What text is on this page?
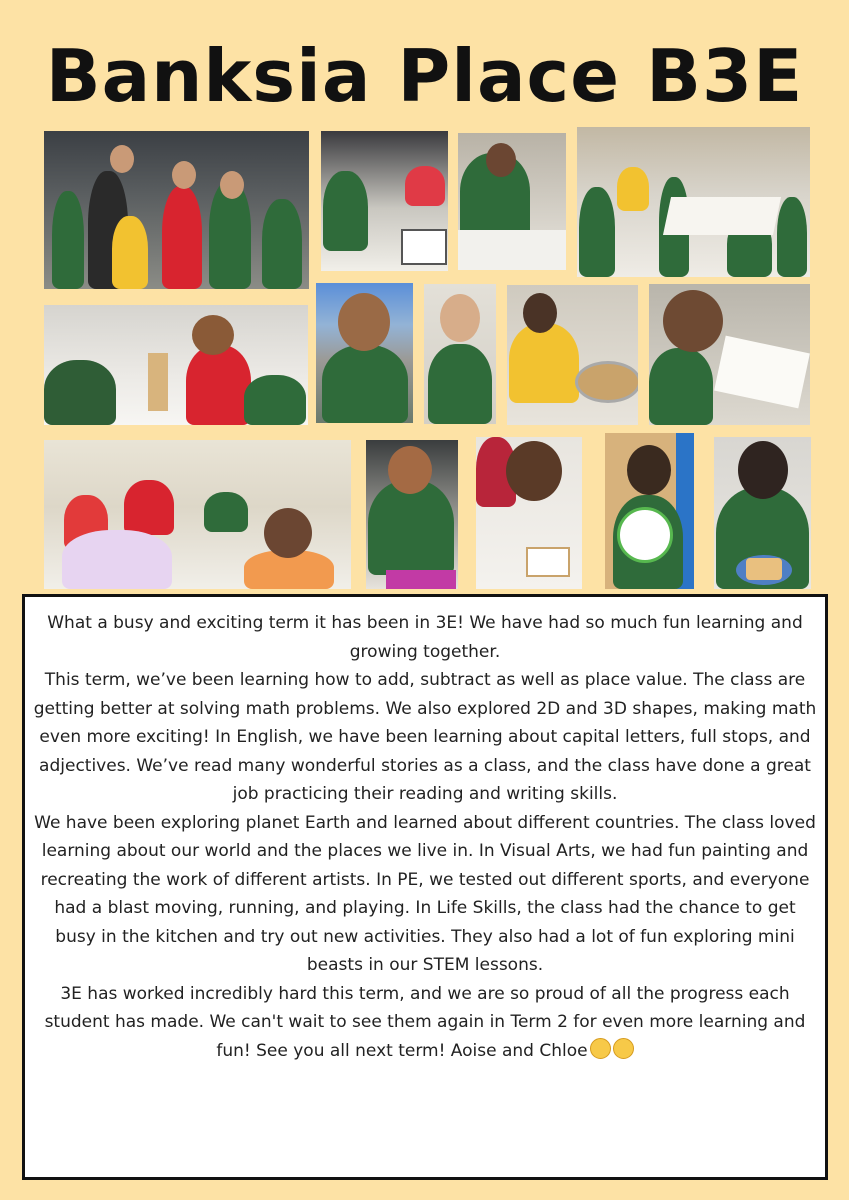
Banksia Place B3E

What a busy and exciting term it has been in 3E! We have had so much fun learning and growing together.

This term, we’ve been learning how to add, subtract as well as place value. The class are getting better at solving math problems. We also explored 2D and 3D shapes, making math even more exciting! In English, we have been learning about capital letters, full stops, and adjectives. We’ve read many wonderful stories as a class, and the class have done a great job practicing their reading and writing skills.

We have been exploring planet Earth and learned about different countries. The class loved learning about our world and the places we live in. In Visual Arts, we had fun painting and recreating the work of different artists. In PE, we tested out different sports, and everyone had a blast moving, running, and playing. In Life Skills, the class had the chance to get busy in the kitchen and try out new activities. They also had a lot of fun exploring mini beasts in our STEM lessons.

3E has worked incredibly hard this term, and we are so proud of all the progress each student has made. We can't wait to see them again in Term 2 for even more learning and fun! See you all next term! Aoise and Chloe
